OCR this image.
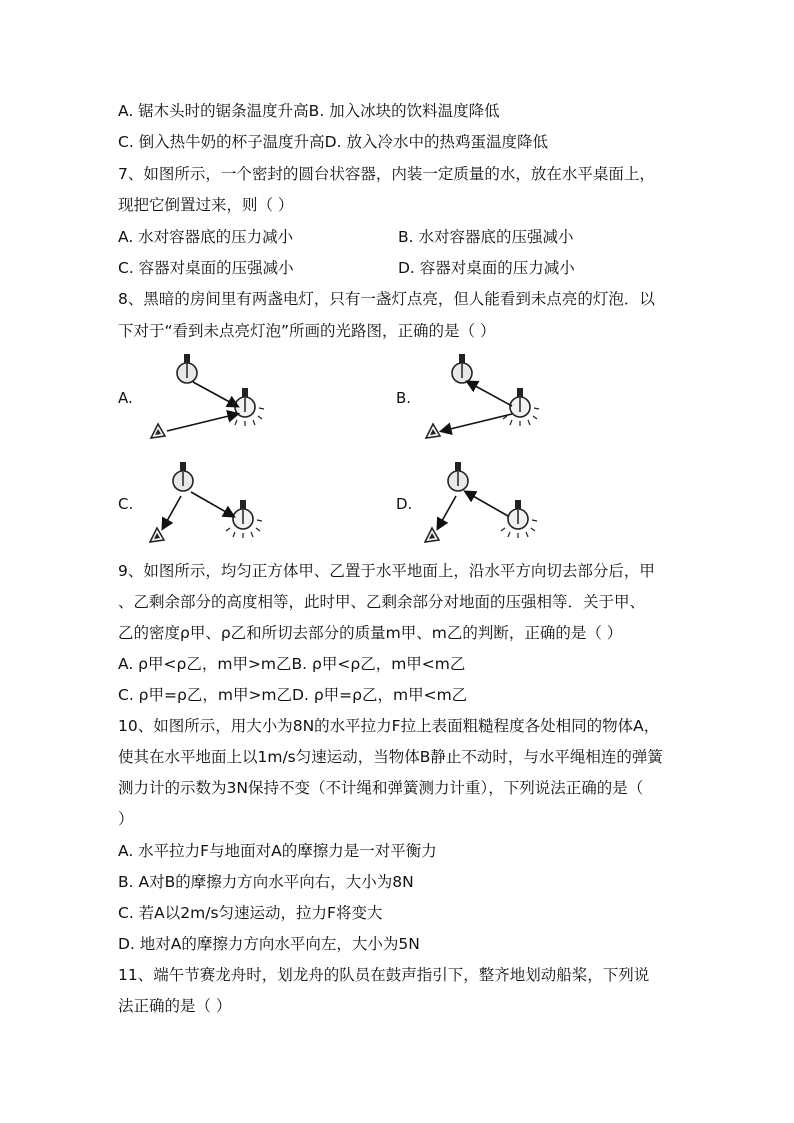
A. 锯木头时的锯条温度升高B. 加入冰块的饮料温度降低
C. 倒入热牛奶的杯子温度升高D. 放入冷水中的热鸡蛋温度降低
7、如图所示，一个密封的圆台状容器，内装一定质量的水，放在水平桌面上，
现把它倒置过来，则（ ）
A. 水对容器底的压力减小	B. 水对容器底的压强减小
C. 容器对桌面的压强减小	D. 容器对桌面的压力减小
8、黑暗的房间里有两盏电灯，只有一盏灯点亮，但人能看到未点亮的灯泡．以
下对于“看到未点亮灯泡”所画的光路图，正确的是（ ）
A.	B.
C.	D.
9、如图所示，均匀正方体甲、乙置于水平地面上，沿水平方向切去部分后，甲
、乙剩余部分的高度相等，此时甲、乙剩余部分对地面的压强相等．关于甲、
乙的密度ρ甲、ρ乙和所切去部分的质量m甲、m乙的判断，正确的是（ ）
A. ρ甲<ρ乙，m甲>m乙B. ρ甲<ρ乙，m甲<m乙
C. ρ甲=ρ乙，m甲>m乙D. ρ甲=ρ乙，m甲<m乙
10、如图所示，用大小为8N的水平拉力F拉上表面粗糙程度各处相同的物体A，
使其在水平地面上以1m/s匀速运动，当物体B静止不动时，与水平绳相连的弹簧
测力计的示数为3N保持不变（不计绳和弹簧测力计重），下列说法正确的是（
）
A. 水平拉力F与地面对A的摩擦力是一对平衡力
B. A对B的摩擦力方向水平向右，大小为8N
C. 若A以2m/s匀速运动，拉力F将变大
D. 地对A的摩擦力方向水平向左，大小为5N
11、端午节赛龙舟时，划龙舟的队员在鼓声指引下，整齐地划动船桨，下列说
法正确的是（ ）
